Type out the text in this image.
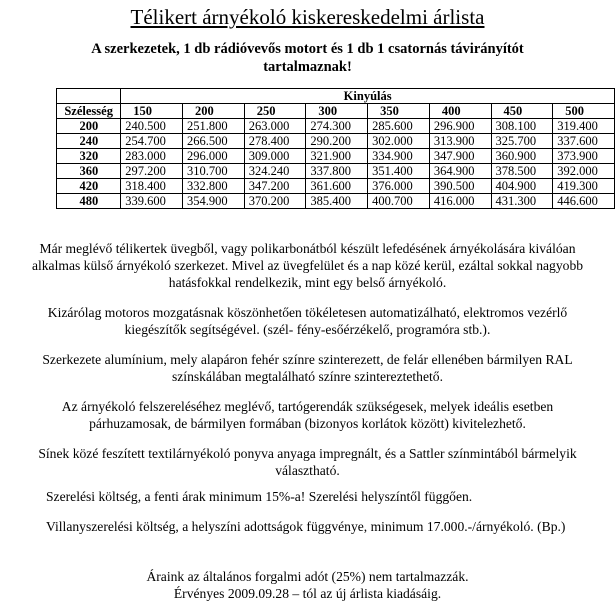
Télikert árnyékoló kiskereskedelmi árlista
A szerkezetek, 1 db rádióvevős motort és 1 db 1 csatornás távirányítót tartalmaznak!
	Kinyúlás							
Szélesség	150	200	250	300	350	400	450	500
200	240.500	251.800	263.000	274.300	285.600	296.900	308.100	319.400
240	254.700	266.500	278.400	290.200	302.000	313.900	325.700	337.600
320	283.000	296.000	309.000	321.900	334.900	347.900	360.900	373.900
360	297.200	310.700	324.240	337.800	351.400	364.900	378.500	392.000
420	318.400	332.800	347.200	361.600	376.000	390.500	404.900	419.300
480	339.600	354.900	370.200	385.400	400.700	416.000	431.300	446.600
Már meglévő télikertek üvegből, vagy polikarbonátból készült lefedésének árnyékolására kiválóan alkalmas külső árnyékoló szerkezet. Mivel az üvegfelület és a nap közé kerül, ezáltal sokkal nagyobb hatásfokkal rendelkezik, mint egy belső árnyékoló.
Kizárólag motoros mozgatásnak köszönhetően tökéletesen automatizálható, elektromos vezérlő kiegészítők segítségével. (szél- fény-esőérzékelő, programóra stb.).
Szerkezete alumínium, mely alapáron fehér színre szinterezett, de felár ellenében bármilyen RAL színskálában megtalálható színre szintereztethető.
Az árnyékoló felszereléséhez meglévő, tartógerendák szükségesek, melyek ideális esetben párhuzamosak, de bármilyen formában (bizonyos korlátok között) kivitelezhető.
Sínek közé feszített textilárnyékoló ponyva anyaga impregnált, és a Sattler színmintából bármelyik választható.
Szerelési költség, a fenti árak minimum 15%-a! Szerelési helyszíntől függően.
Villanyszerelési költség, a helyszíni adottságok függvénye, minimum 17.000.-/árnyékoló. (Bp.)
Áraink az általános forgalmi adót (25%) nem tartalmazzák.
Érvényes 2009.09.28 – tól az új árlista kiadásáig.
